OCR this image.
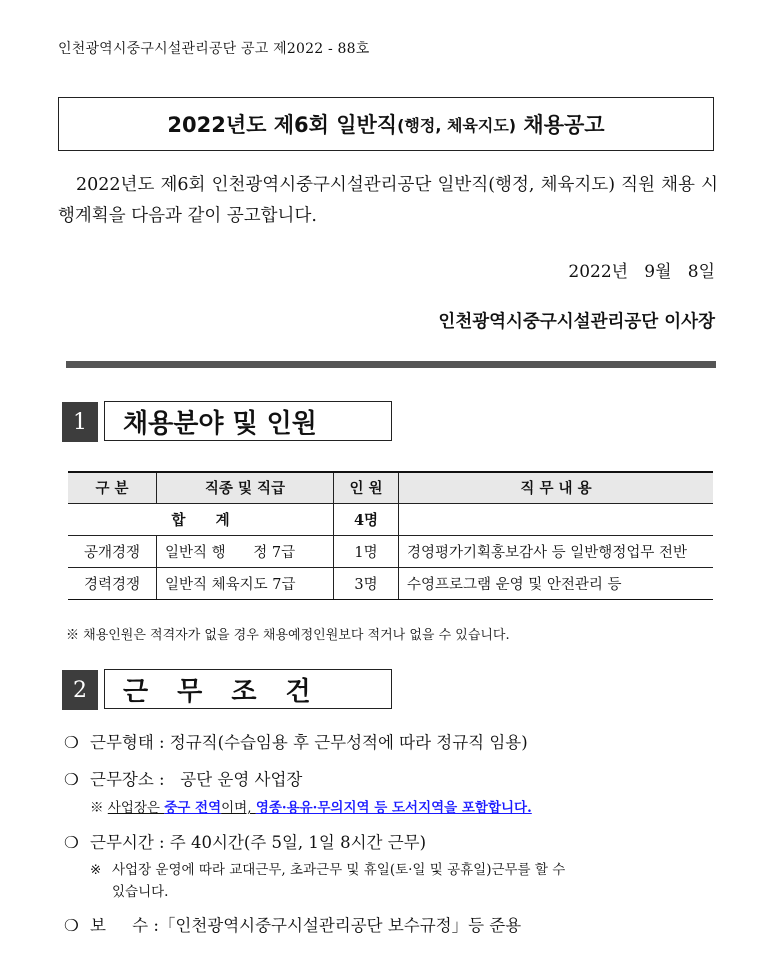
인천광역시중구시설관리공단 공고 제2022 - 88호
2022년도 제6회 일반직 (행정, 체육지도) 채용공고
2022년도 제6회 인천광역시중구시설관리공단 일반직(행정, 체육지도) 직원 채용 시행계획을 다음과 같이 공고합니다.
2022년   9월   8일
인천광역시중구시설관리공단 이사장
1	채용분야 및 인원
구 분	직종 및 직급	인 원	직 무 내 용
합      계		4명	
공개경쟁	일반직 행      정 7급	1명	경영평가기획홍보감사 등 일반행정업무 전반
경력경쟁	일반직 체육지도 7급	3명	수영프로그램 운영 및 안전관리 등
※ 채용인원은 적격자가 없을 경우 채용예정인원보다 적거나 없을 수 있습니다.
2	근 무 조 건
❍ 근무형태 : 정규직(수습임용 후 근무성적에 따라 정규직 임용)
❍ 근무장소 :   공단 운영 사업장
※ 사업장은 중구 전역이며, 영종·용유·무의지역 등 도서지역을 포함합니다.
❍ 근무시간 : 주 40시간(주 5일, 1일 8시간 근무)
※ 사업장 운영에 따라 교대근무, 초과근무 및 휴일(토·일 및 공휴일)근무를 할 수
있습니다.
❍ 보     수 :「인천광역시중구시설관리공단 보수규정」등 준용
